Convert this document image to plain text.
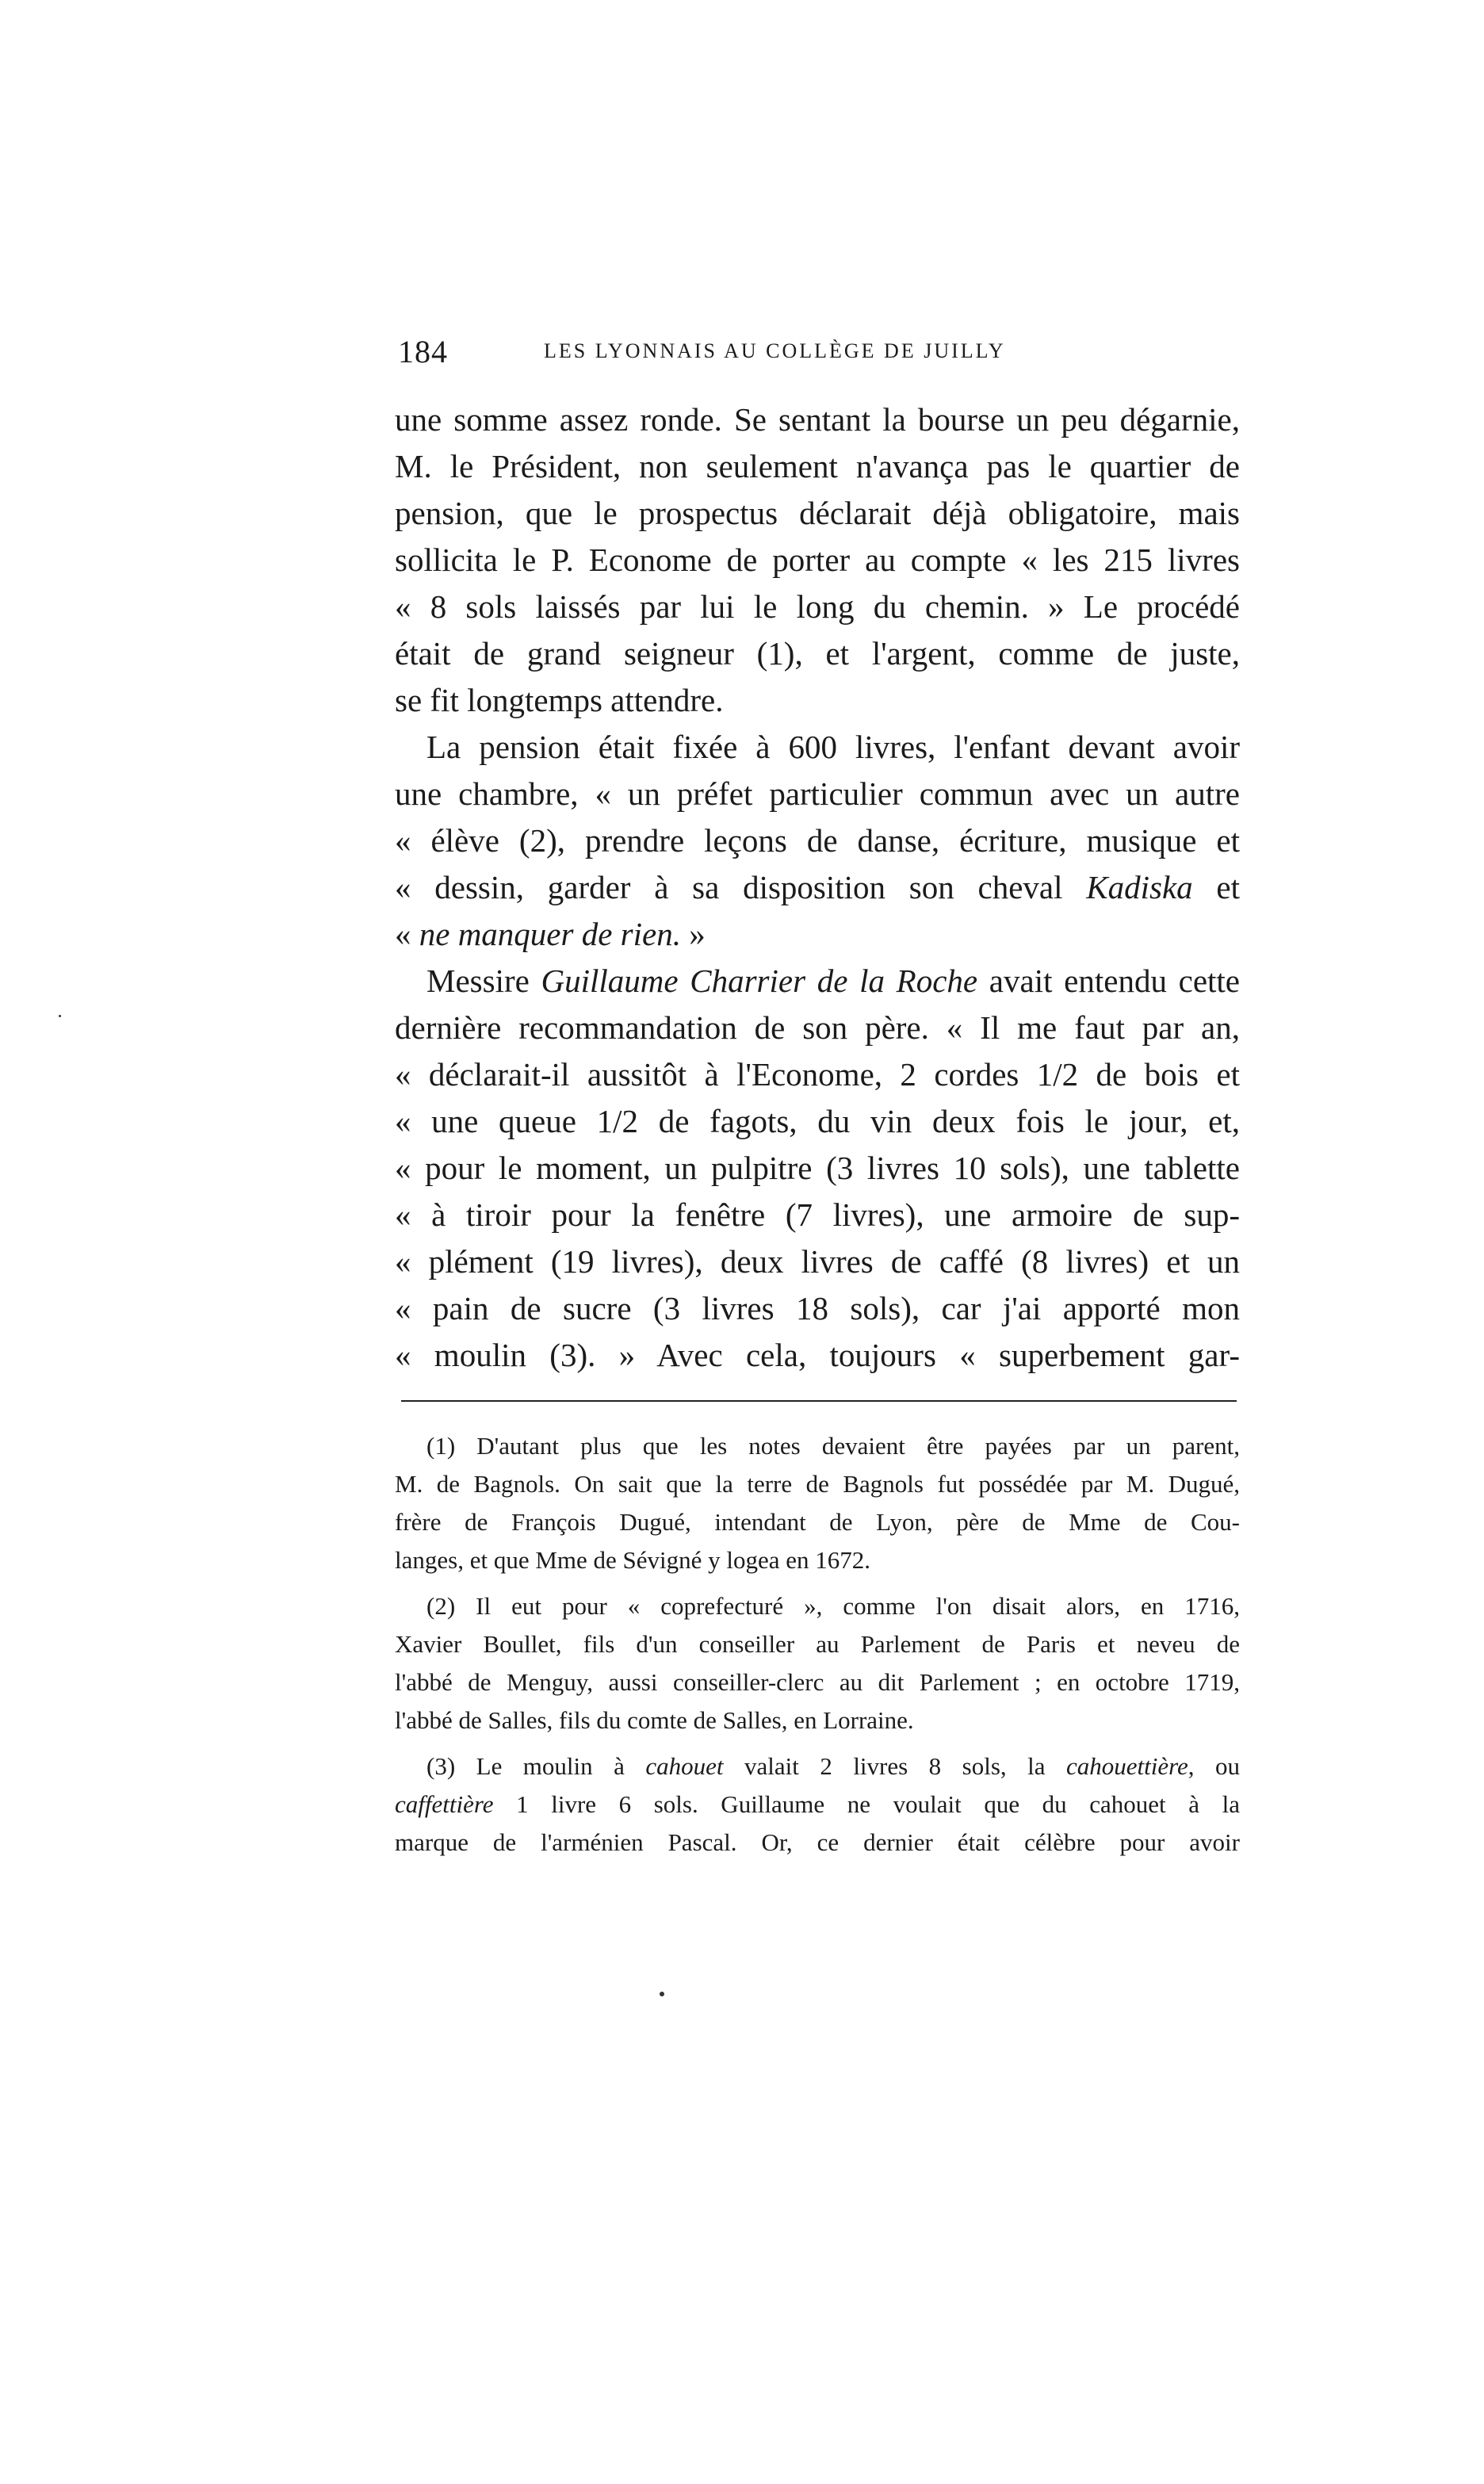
184	LES LYONNAIS AU COLLÈGE DE JUILLY
une somme assez ronde. Se sentant la bourse un peu dégarnie,
M. le Président, non seulement n'avança pas le quartier de
pension, que le prospectus déclarait déjà obligatoire, mais
sollicita le P. Econome de porter au compte « les 215 livres
« 8 sols laissés par lui le long du chemin. » Le procédé
était de grand seigneur (1), et l'argent, comme de juste,
se fit longtemps attendre.
La pension était fixée à 600 livres, l'enfant devant avoir
une chambre, « un préfet particulier commun avec un autre
« élève (2), prendre leçons de danse, écriture, musique et
« dessin, garder à sa disposition son cheval Kadiska et
« ne manquer de rien. »
Messire Guillaume Charrier de la Roche avait entendu cette
dernière recommandation de son père. « Il me faut par an,
« déclarait-il aussitôt à l'Econome, 2 cordes 1/2 de bois et
« une queue 1/2 de fagots, du vin deux fois le jour, et,
« pour le moment, un pulpitre (3 livres 10 sols), une tablette
« à tiroir pour la fenêtre (7 livres), une armoire de sup-
« plément (19 livres), deux livres de caffé (8 livres) et un
« pain de sucre (3 livres 18 sols), car j'ai apporté mon
« moulin (3). » Avec cela, toujours « superbement gar-
(1) D'autant plus que les notes devaient être payées par un parent,
M. de Bagnols. On sait que la terre de Bagnols fut possédée par M. Dugué,
frère de François Dugué, intendant de Lyon, père de Mme de Cou-
langes, et que Mme de Sévigné y logea en 1672.
(2) Il eut pour « coprefecturé », comme l'on disait alors, en 1716,
Xavier Boullet, fils d'un conseiller au Parlement de Paris et neveu de
l'abbé de Menguy, aussi conseiller-clerc au dit Parlement ; en octobre 1719,
l'abbé de Salles, fils du comte de Salles, en Lorraine.
(3) Le moulin à cahouet valait 2 livres 8 sols, la cahouettière, ou
caffettière 1 livre 6 sols. Guillaume ne voulait que du cahouet à la
marque de l'arménien Pascal. Or, ce dernier était célèbre pour avoir
